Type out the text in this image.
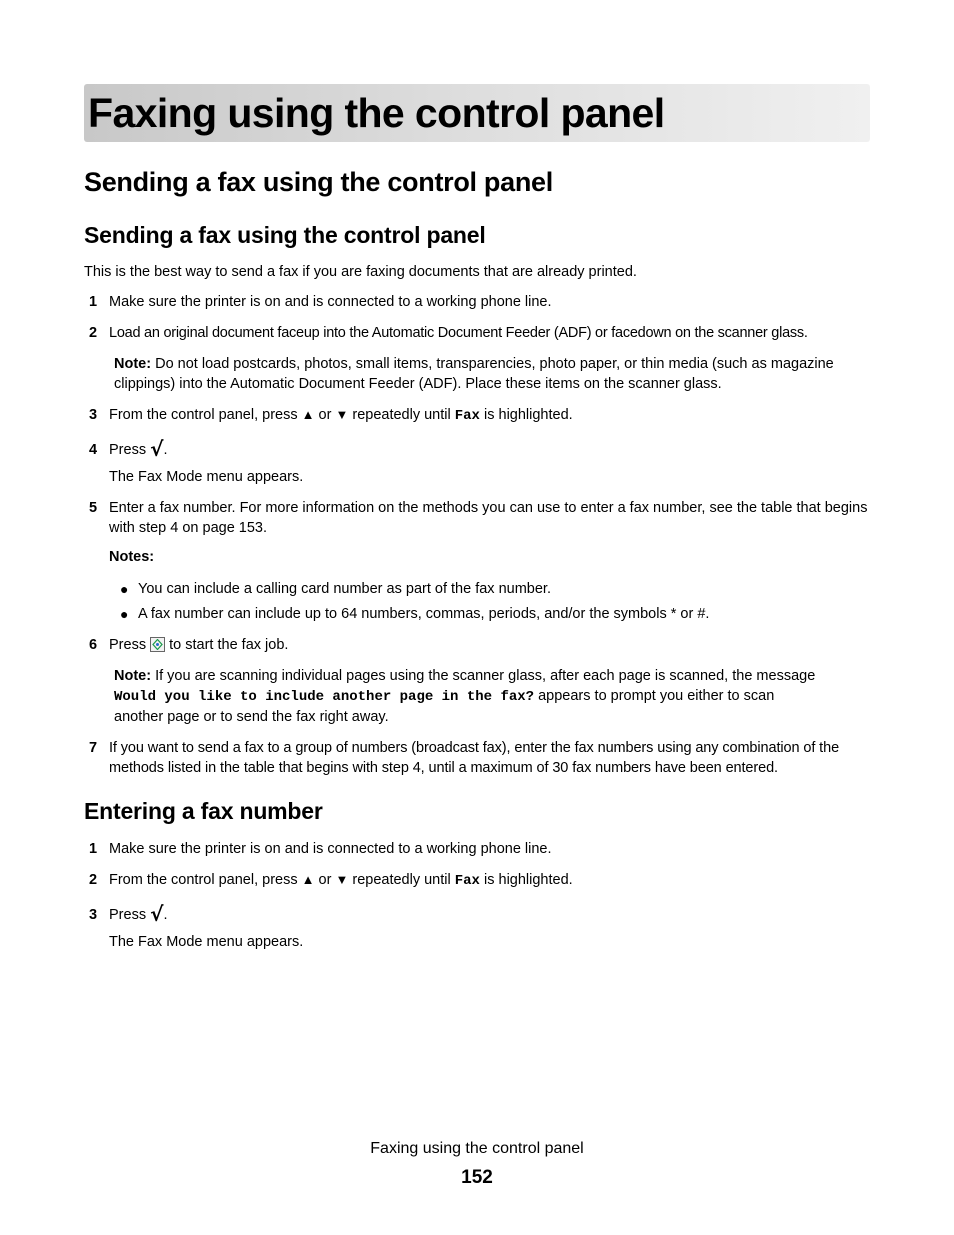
Faxing using the control panel
Sending a fax using the control panel
Sending a fax using the control panel
This is the best way to send a fax if you are faxing documents that are already printed.
1 Make sure the printer is on and is connected to a working phone line.
2 Load an original document faceup into the Automatic Document Feeder (ADF) or facedown on the scanner glass.
Note: Do not load postcards, photos, small items, transparencies, photo paper, or thin media (such as magazine clippings) into the Automatic Document Feeder (ADF). Place these items on the scanner glass.
3 From the control panel, press ▲ or ▼ repeatedly until Fax is highlighted.
4 Press √.
The Fax Mode menu appears.
5 Enter a fax number. For more information on the methods you can use to enter a fax number, see the table that begins with step 4 on page 153.
Notes:
● You can include a calling card number as part of the fax number.
● A fax number can include up to 64 numbers, commas, periods, and/or the symbols * or #.
6 Press to start the fax job.
Note: If you are scanning individual pages using the scanner glass, after each page is scanned, the message
Would you like to include another page in the fax? appears to prompt you either to scan
another page or to send the fax right away.
7 If you want to send a fax to a group of numbers (broadcast fax), enter the fax numbers using any combination of the methods listed in the table that begins with step 4, until a maximum of 30 fax numbers have been entered.
Entering a fax number
1 Make sure the printer is on and is connected to a working phone line.
2 From the control panel, press ▲ or ▼ repeatedly until Fax is highlighted.
3 Press √.
The Fax Mode menu appears.
Faxing using the control panel
152
